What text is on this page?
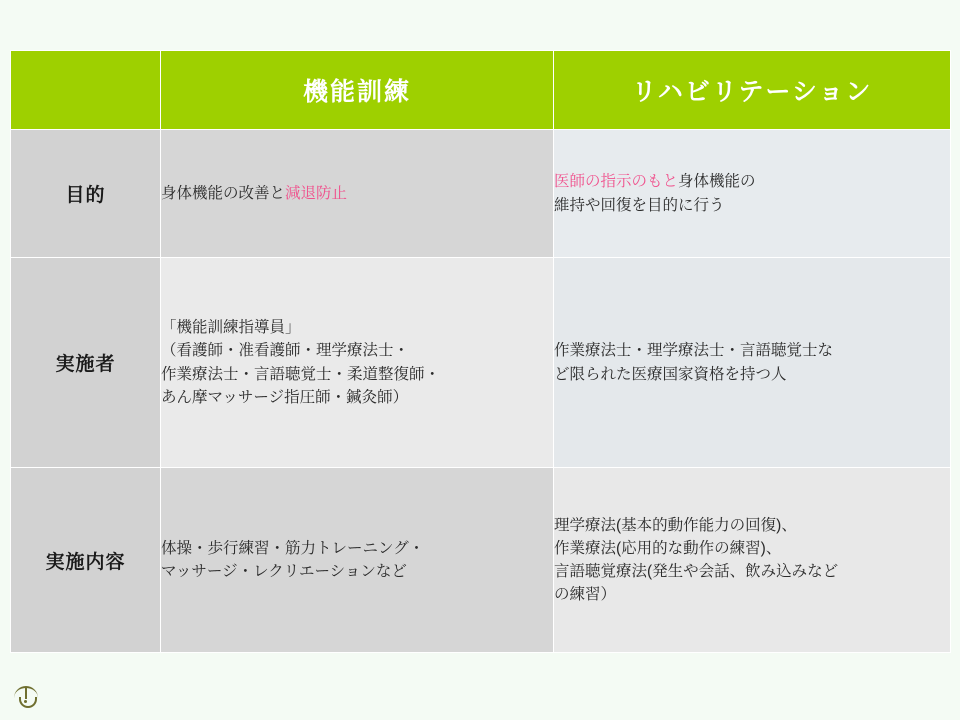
	機能訓練	リハビリテーション
目的	身体機能の改善と減退防止	医師の指示のもと身体機能の
維持や回復を目的に行う

実施者	「機能訓練指導員」
（看護師・准看護師・理学療法士・
作業療法士・言語聴覚士・柔道整復師・
あん摩マッサージ指圧師・鍼灸師）	作業療法士・理学療法士・言語聴覚士な
ど限られた医療国家資格を持つ人

実施内容	体操・歩行練習・筋力トレーニング・
マッサージ・レクリエーションなど	理学療法(基本的動作能力の回復)、
作業療法(応用的な動作の練習)、
言語聴覚療法(発生や会話、飲み込みなど
の練習）
